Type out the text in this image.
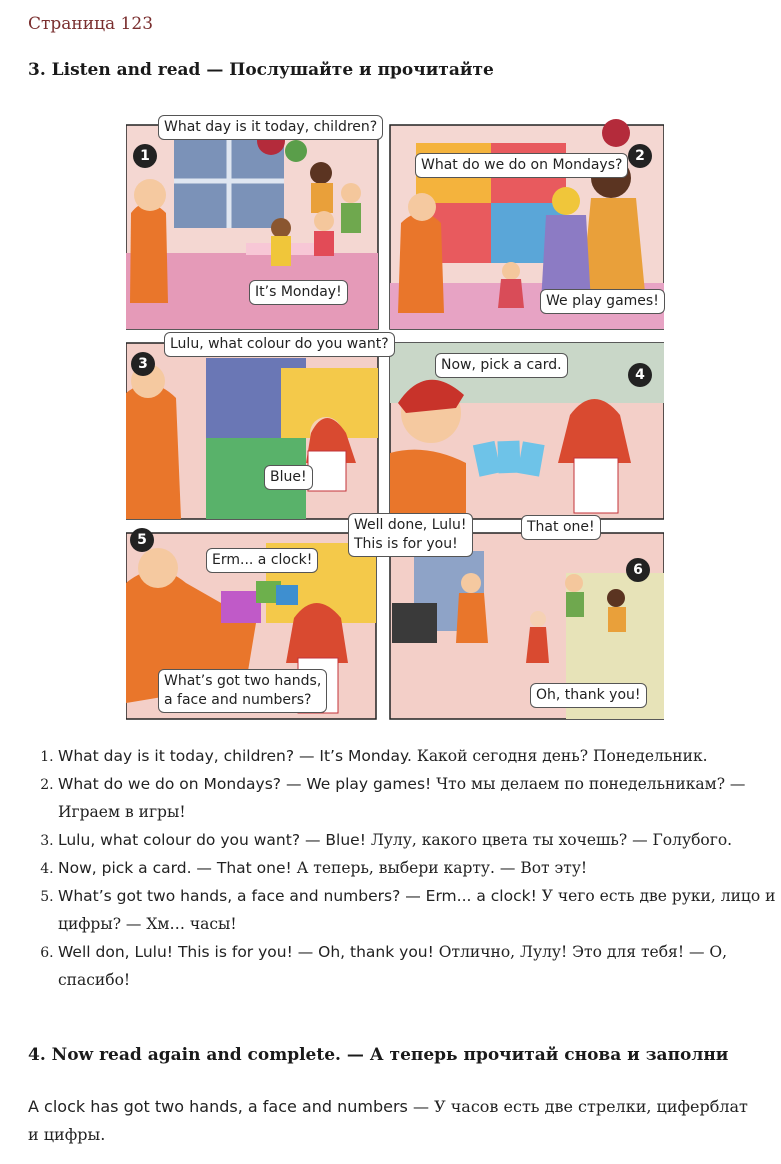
Страница 123
3. Listen and read — Послушайте и прочитайте
1	2
3
4
5
6
What day is it today, children?
It’s Monday!
What do we do on Mondays?
We play games!
Lulu, what colour do you want?
Blue!
Now, pick a card.
That one!
Erm... a clock!
What’s got two hands,
a face and numbers?
Well done, Lulu!
This is for you!
Oh, thank you!
1. What day is it today, children? — It’s Monday. Какой сегодня день? Понедельник.
2. What do we do on Mondays? — We play games! Что мы делаем по понедельникам? — Играем в игры!
3. Lulu, what colour do you want? — Blue! Лулу, какого цвета ты хочешь? — Голубого.
4. Now, pick a card. — That one! А теперь, выбери карту. — Вот эту!
5. What’s got two hands, a face and numbers? — Erm... a clock! У чего есть две руки, лицо и цифры? — Хм… часы!
6. Well don, Lulu! This is for you! — Oh, thank you! Отлично, Лулу! Это для тебя! — О, спасибо!
4. Now read again and complete. — А теперь прочитай снова и заполни
A clock has got two hands, a face and numbers — У часов есть две стрелки, циферблат и цифры.
